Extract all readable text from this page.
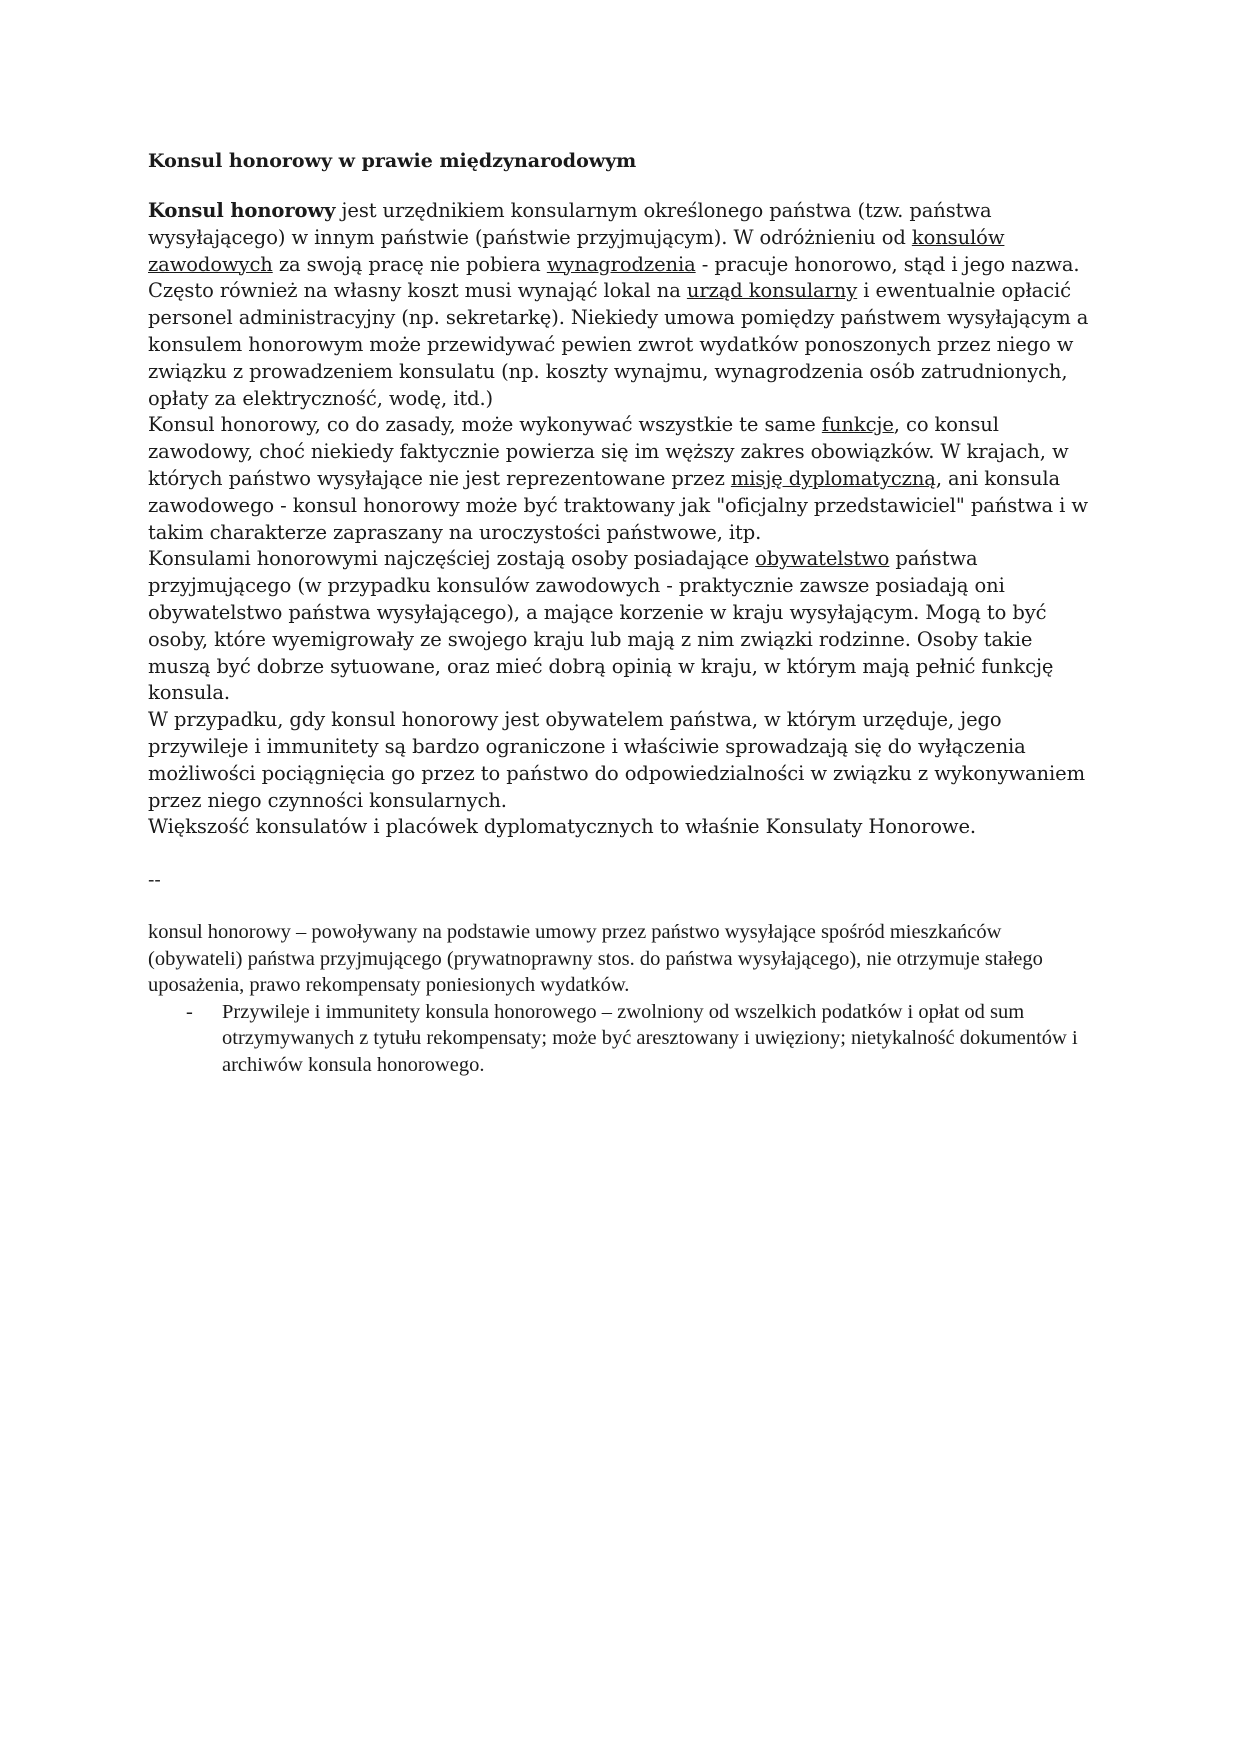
Konsul honorowy w prawie międzynarodowym

Konsul honorowy jest urzędnikiem konsularnym określonego państwa (tzw. państwa wysyłającego) w innym państwie (państwie przyjmującym). W odróżnieniu od konsulów zawodowych za swoją pracę nie pobiera wynagrodzenia - pracuje honorowo, stąd i jego nazwa. Często również na własny koszt musi wynająć lokal na urząd konsularny i ewentualnie opłacić personel administracyjny (np. sekretarkę). Niekiedy umowa pomiędzy państwem wysyłającym a konsulem honorowym może przewidywać pewien zwrot wydatków ponoszonych przez niego w związku z prowadzeniem konsulatu (np. koszty wynajmu, wynagrodzenia osób zatrudnionych, opłaty za elektryczność, wodę, itd.)

Konsul honorowy, co do zasady, może wykonywać wszystkie te same funkcje, co konsul zawodowy, choć niekiedy faktycznie powierza się im węższy zakres obowiązków. W krajach, w których państwo wysyłające nie jest reprezentowane przez misję dyplomatyczną, ani konsula zawodowego - konsul honorowy może być traktowany jak "oficjalny przedstawiciel" państwa i w takim charakterze zapraszany na uroczystości państwowe, itp.

Konsulami honorowymi najczęściej zostają osoby posiadające obywatelstwo państwa przyjmującego (w przypadku konsulów zawodowych - praktycznie zawsze posiadają oni obywatelstwo państwa wysyłającego), a mające korzenie w kraju wysyłającym. Mogą to być osoby, które wyemigrowały ze swojego kraju lub mają z nim związki rodzinne. Osoby takie muszą być dobrze sytuowane, oraz mieć dobrą opinią w kraju, w którym mają pełnić funkcję konsula.

W przypadku, gdy konsul honorowy jest obywatelem państwa, w którym urzęduje, jego przywileje i immunitety są bardzo ograniczone i właściwie sprowadzają się do wyłączenia możliwości pociągnięcia go przez to państwo do odpowiedzialności w związku z wykonywaniem przez niego czynności konsularnych.

Większość konsulatów i placówek dyplomatycznych to właśnie Konsulaty Honorowe.

--

konsul honorowy – powoływany na podstawie umowy przez państwo wysyłające spośród mieszkańców (obywateli) państwa przyjmującego (prywatnoprawny stos. do państwa wysyłającego), nie otrzymuje stałego uposażenia, prawo rekompensaty poniesionych wydatków.

- Przywileje i immunitety konsula honorowego – zwolniony od wszelkich podatków i opłat od sum otrzymywanych z tytułu rekompensaty; może być aresztowany i uwięziony; nietykalność dokumentów i archiwów konsula honorowego.
